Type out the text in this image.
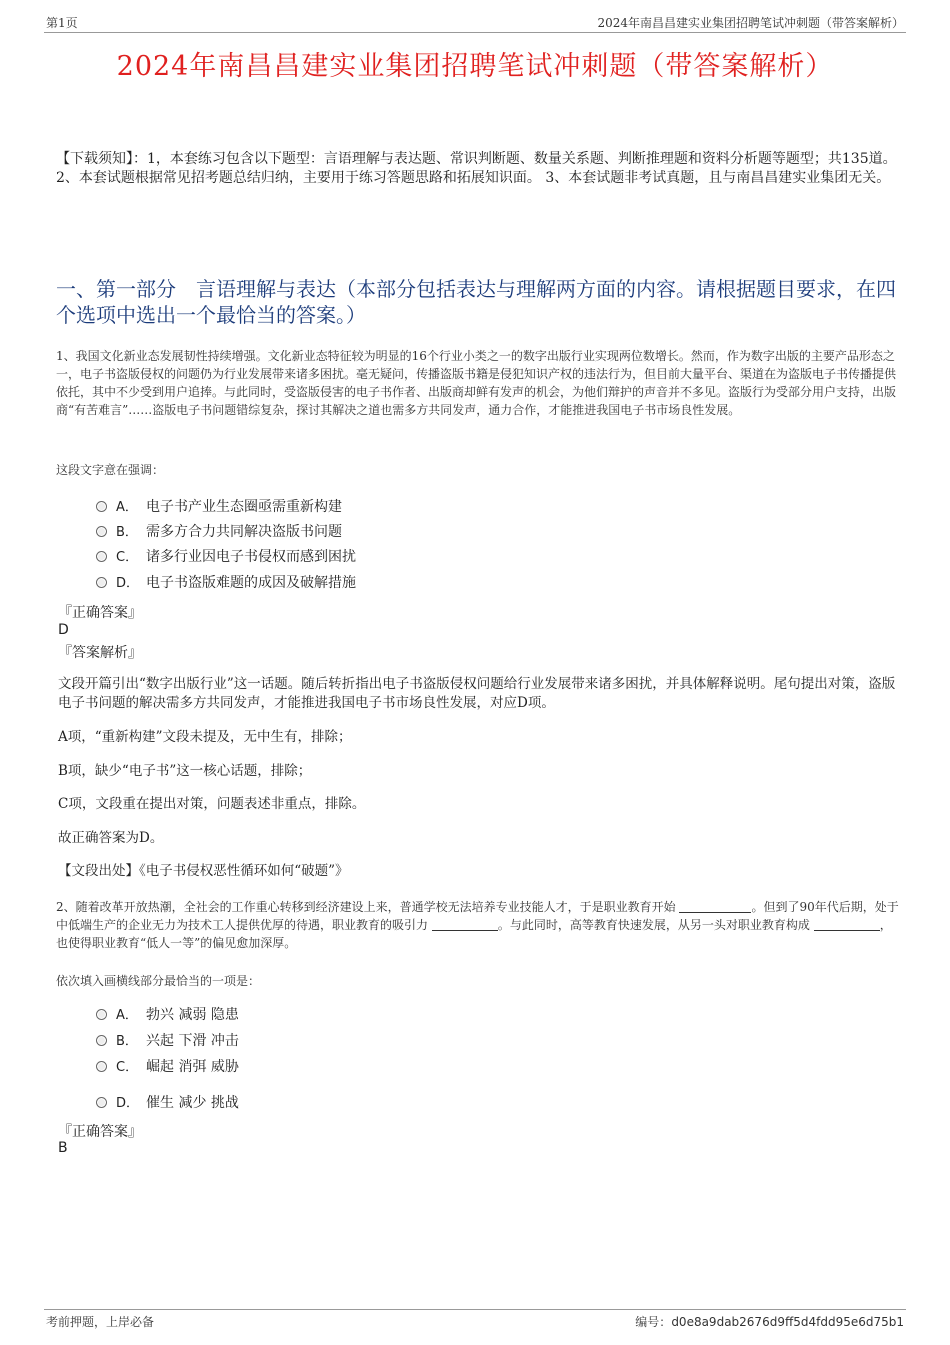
第1页	2024年南昌昌建实业集团招聘笔试冲刺题（带答案解析）
2024年南昌昌建实业集团招聘笔试冲刺题（带答案解析）
【下载须知】：1，本套练习包含以下题型：言语理解与表达题、常识判断题、数量关系题、判断推理题和资料分析题等题型；共135道。 2、本套试题根据常见招考题总结归纳，主要用于练习答题思路和拓展知识面。 3、本套试题非考试真题，且与南昌昌建实业集团无关。
一、第一部分　言语理解与表达（本部分包括表达与理解两方面的内容。请根据题目要求，在四个选项中选出一个最恰当的答案。）
1、我国文化新业态发展韧性持续增强。文化新业态特征较为明显的16个行业小类之一的数字出版行业实现两位数增长。然而，作为数字出版的主要产品形态之一，电子书盗版侵权的问题仍为行业发展带来诸多困扰。毫无疑问，传播盗版书籍是侵犯知识产权的违法行为，但目前大量平台、渠道在为盗版电子书传播提供依托，其中不少受到用户追捧。与此同时，受盗版侵害的电子书作者、出版商却鲜有发声的机会，为他们辩护的声音并不多见。盗版行为受部分用户支持，出版商“有苦难言”……盗版电子书问题错综复杂，探讨其解决之道也需多方共同发声，通力合作，才能推进我国电子书市场良性发展。
这段文字意在强调：
A． 电子书产业生态圈亟需重新构建
B． 需多方合力共同解决盗版书问题
C． 诸多行业因电子书侵权而感到困扰
D． 电子书盗版难题的成因及破解措施
『正确答案』
D
『答案解析』
文段开篇引出“数字出版行业”这一话题。随后转折指出电子书盗版侵权问题给行业发展带来诸多困扰，并具体解释说明。尾句提出对策，盗版电子书问题的解决需多方共同发声，才能推进我国电子书市场良性发展，对应D项。
A项，“重新构建”文段未提及，无中生有，排除；
B项，缺少“电子书”这一核心话题，排除；
C项，文段重在提出对策，问题表述非重点，排除。
故正确答案为D。
【文段出处】《电子书侵权恶性循环如何“破题”》
2、随着改革开放热潮，全社会的工作重心转移到经济建设上来，普通学校无法培养专业技能人才，于是职业教育开始	。但到了90年代后期，处于中低端生产的企业无力为技术工人提供优厚的待遇，职业教育的吸引力	。与此同时，高等教育快速发展，从另一头对职业教育构成	，也使得职业教育“低人一等”的偏见愈加深厚。
依次填入画横线部分最恰当的一项是：
A． 勃兴 减弱 隐患
B． 兴起 下滑 冲击
C． 崛起 消弭 威胁
D． 催生 减少 挑战
『正确答案』
B
考前押题，上岸必备	编号：d0e8a9dab2676d9ff5d4fdd95e6d75b1
